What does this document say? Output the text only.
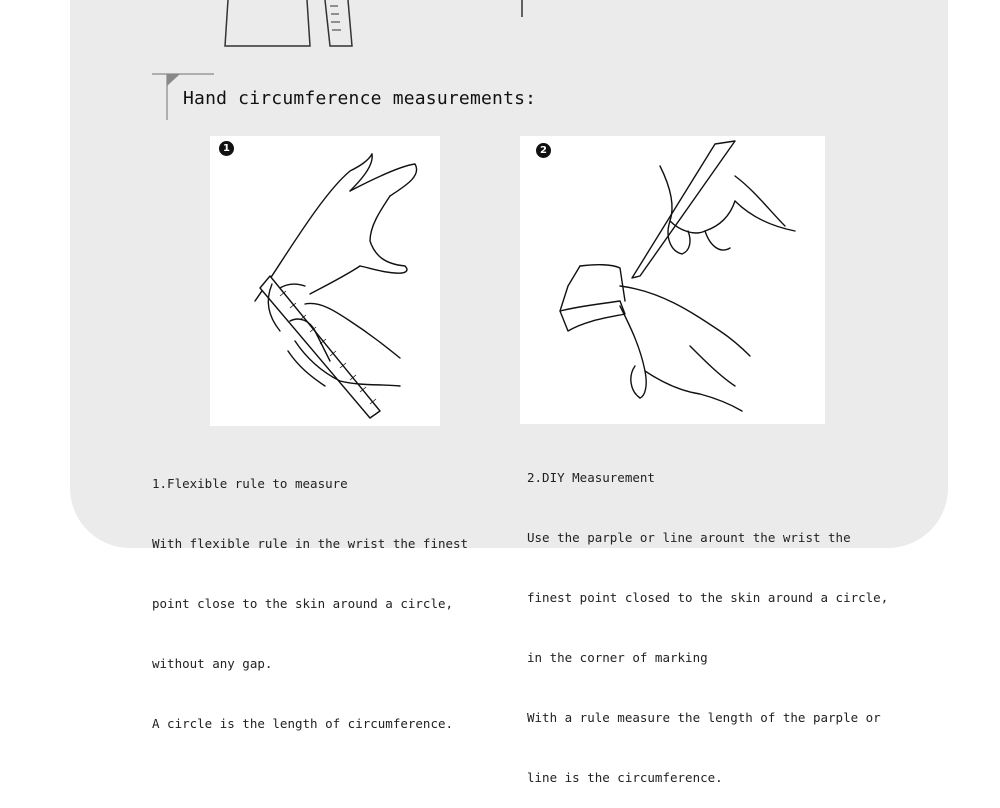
Hand circumference measurements:
1	2

1.Flexible rule to measure

With flexible rule in the wrist the finest

point close to the skin around a circle,

without any gap.

A circle is the length of circumference.

2.DIY Measurement

Use the parple or line arount the wrist the

finest point closed to the skin around a circle,

in the corner of marking

With a rule measure the length of the parple or

line is the circumference.
